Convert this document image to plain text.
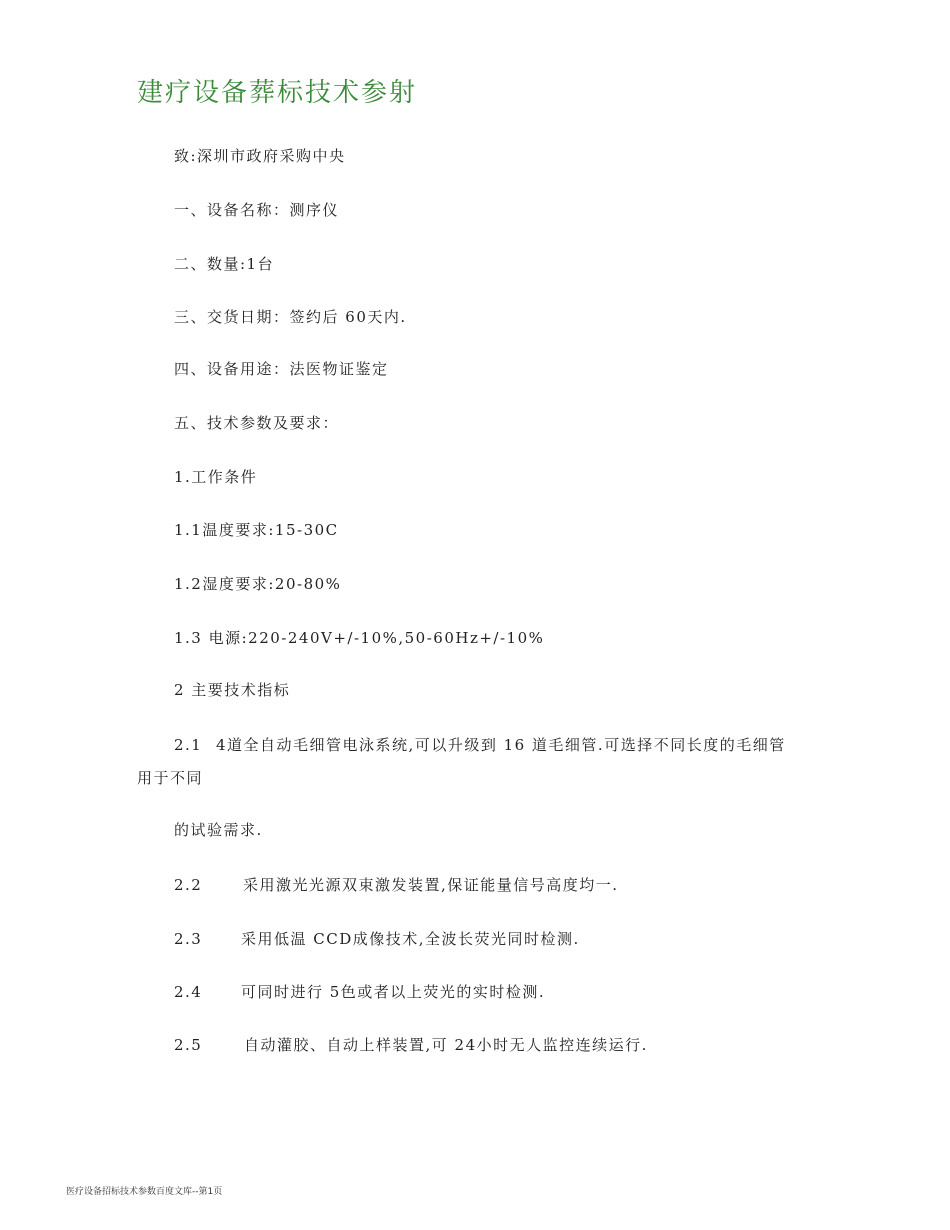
建疗设备葬标技术参射
致:深圳市政府采购中央
一、设备名称：测序仪
二、数量:1台
三、交货日期：签约后 60天内.
四、设备用途：法医物证鉴定
五、技术参数及要求：
1.工作条件
1.1温度要求:15-30C
1.2湿度要求:20-80%
1.3 电源:220-240V+/-10%,50-60Hz+/-10%
2 主要技术指标
2.1 4道全自动毛细管电泳系统,可以升级到 16 道毛细管.可选择不同长度的毛细管
用于不同
的试验需求.
2.2	采用激光光源双束激发装置,保证能量信号高度均一.
2.3	采用低温 CCD成像技术,全波长荧光同时检测.
2.4	可同时进行 5色或者以上荧光的实时检测.
2.5	自动灌胶、自动上样装置,可 24小时无人监控连续运行.
医疗设备招标技术参数百度文库--第1页
